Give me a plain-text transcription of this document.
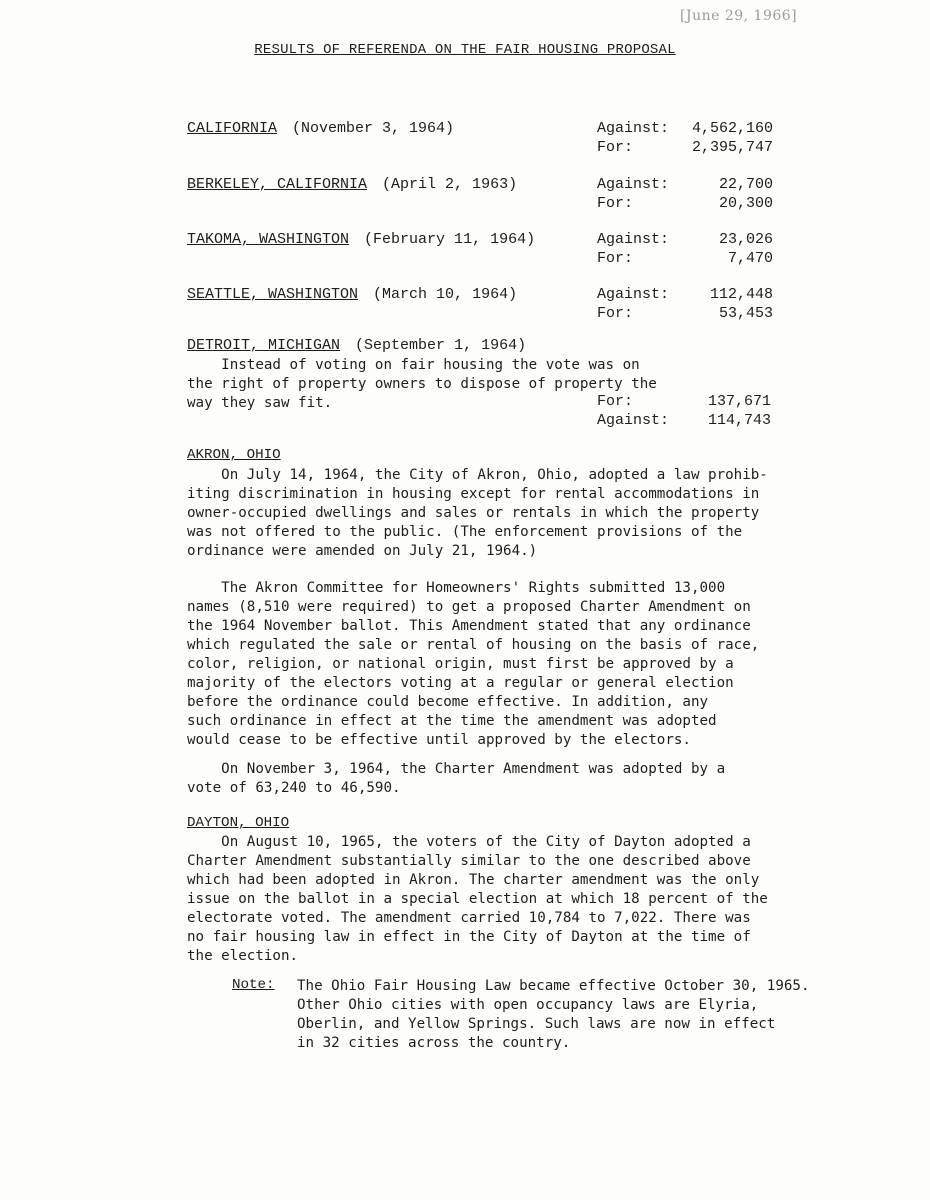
[June 29, 1966]
RESULTS OF REFERENDA ON THE FAIR HOUSING PROPOSAL
CALIFORNIA (November 3, 1964)	Against: 4,562,160
For:	2,395,747
BERKELEY, CALIFORNIA (April 2, 1963)	Against:	22,700
For:	20,300
TAKOMA, WASHINGTON (February 11, 1964)	Against:	23,026
For:	7,470
SEATTLE, WASHINGTON (March 10, 1964)	Against:	112,448
For:	53,453
DETROIT, MICHIGAN (September 1, 1964)
Instead of voting on fair housing the vote was on
the right of property owners to dispose of property the
way they saw fit.	For:	137,671
Against:	114,743
AKRON, OHIO
On July 14, 1964, the City of Akron, Ohio, adopted a law prohib-
iting discrimination in housing except for rental accommodations in
owner-occupied dwellings and sales or rentals in which the property
was not offered to the public. (The enforcement provisions of the
ordinance were amended on July 21, 1964.)
The Akron Committee for Homeowners' Rights submitted 13,000
names (8,510 were required) to get a proposed Charter Amendment on
the 1964 November ballot. This Amendment stated that any ordinance
which regulated the sale or rental of housing on the basis of race,
color, religion, or national origin, must first be approved by a
majority of the electors voting at a regular or general election
before the ordinance could become effective. In addition, any
such ordinance in effect at the time the amendment was adopted
would cease to be effective until approved by the electors.
On November 3, 1964, the Charter Amendment was adopted by a
vote of 63,240 to 46,590.
DAYTON, OHIO
On August 10, 1965, the voters of the City of Dayton adopted a
Charter Amendment substantially similar to the one described above
which had been adopted in Akron. The charter amendment was the only
issue on the ballot in a special election at which 18 percent of the
electorate voted. The amendment carried 10,784 to 7,022. There was
no fair housing law in effect in the City of Dayton at the time of
the election.
Note: The Ohio Fair Housing Law became effective October 30, 1965.
Other Ohio cities with open occupancy laws are Elyria,
Oberlin, and Yellow Springs. Such laws are now in effect
in 32 cities across the country.
